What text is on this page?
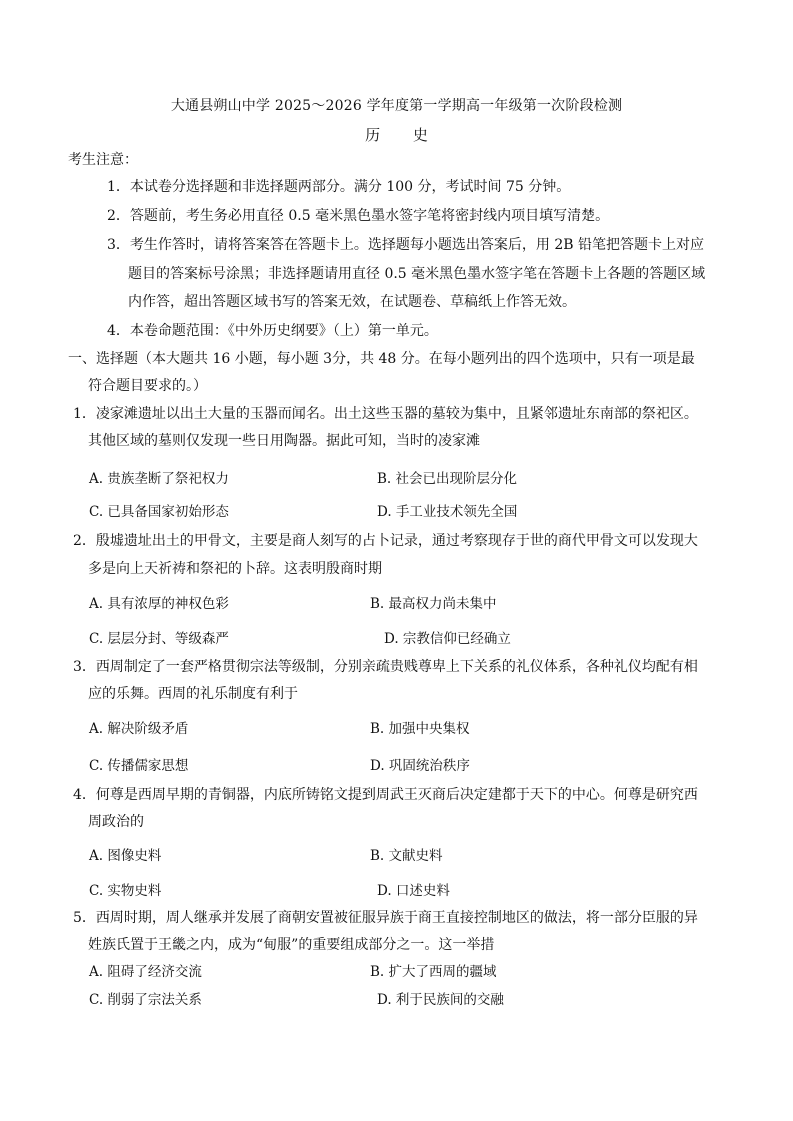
大通县朔山中学 2025～2026 学年度第一学期高一年级第一次阶段检测
历 史
考生注意：
1．本试卷分选择题和非选择题两部分。满分 100 分，考试时间 75 分钟。
2．答题前，考生务必用直径 0.5 毫米黑色墨水签字笔将密封线内项目填写清楚。
3．考生作答时，请将答案答在答题卡上。选择题每小题选出答案后，用 2B 铅笔把答题卡上对应
题目的答案标号涂黑；非选择题请用直径 0.5 毫米黑色墨水签字笔在答题卡上各题的答题区域
内作答，超出答题区域书写的答案无效，在试题卷、草稿纸上作答无效。
4．本卷命题范围：《中外历史纲要》（上）第一单元。
一、选择题（本大题共 16 小题，每小题 3分，共 48 分。在每小题列出的四个选项中，只有一项是最
符合题目要求的。）
1．凌家滩遗址以出土大量的玉器而闻名。出土这些玉器的墓较为集中，且紧邻遗址东南部的祭祀区。
其他区域的墓则仅发现一些日用陶器。据此可知，当时的凌家滩
A. 贵族垄断了祭祀权力	B. 社会已出现阶层分化
C. 已具备国家初始形态	D. 手工业技术领先全国
2．殷墟遗址出土的甲骨文，主要是商人刻写的占卜记录，通过考察现存于世的商代甲骨文可以发现大
多是向上天祈祷和祭祀的卜辞。这表明殷商时期
A. 具有浓厚的神权色彩	B. 最高权力尚未集中
C. 层层分封、等级森严	D. 宗教信仰已经确立
3．西周制定了一套严格贯彻宗法等级制，分别亲疏贵贱尊卑上下关系的礼仪体系，各种礼仪均配有相
应的乐舞。西周的礼乐制度有利于
A. 解决阶级矛盾	B. 加强中央集权
C. 传播儒家思想	D. 巩固统治秩序
4．何尊是西周早期的青铜器，内底所铸铭文提到周武王灭商后决定建都于天下的中心。何尊是研究西
周政治的
A. 图像史料	B. 文献史料
C. 实物史料	D. 口述史料
5．西周时期，周人继承并发展了商朝安置被征服异族于商王直接控制地区的做法，将一部分臣服的异
姓族氏置于王畿之内，成为“甸服”的重要组成部分之一。这一举措
A. 阻碍了经济交流	B. 扩大了西周的疆域
C. 削弱了宗法关系	D. 利于民族间的交融
